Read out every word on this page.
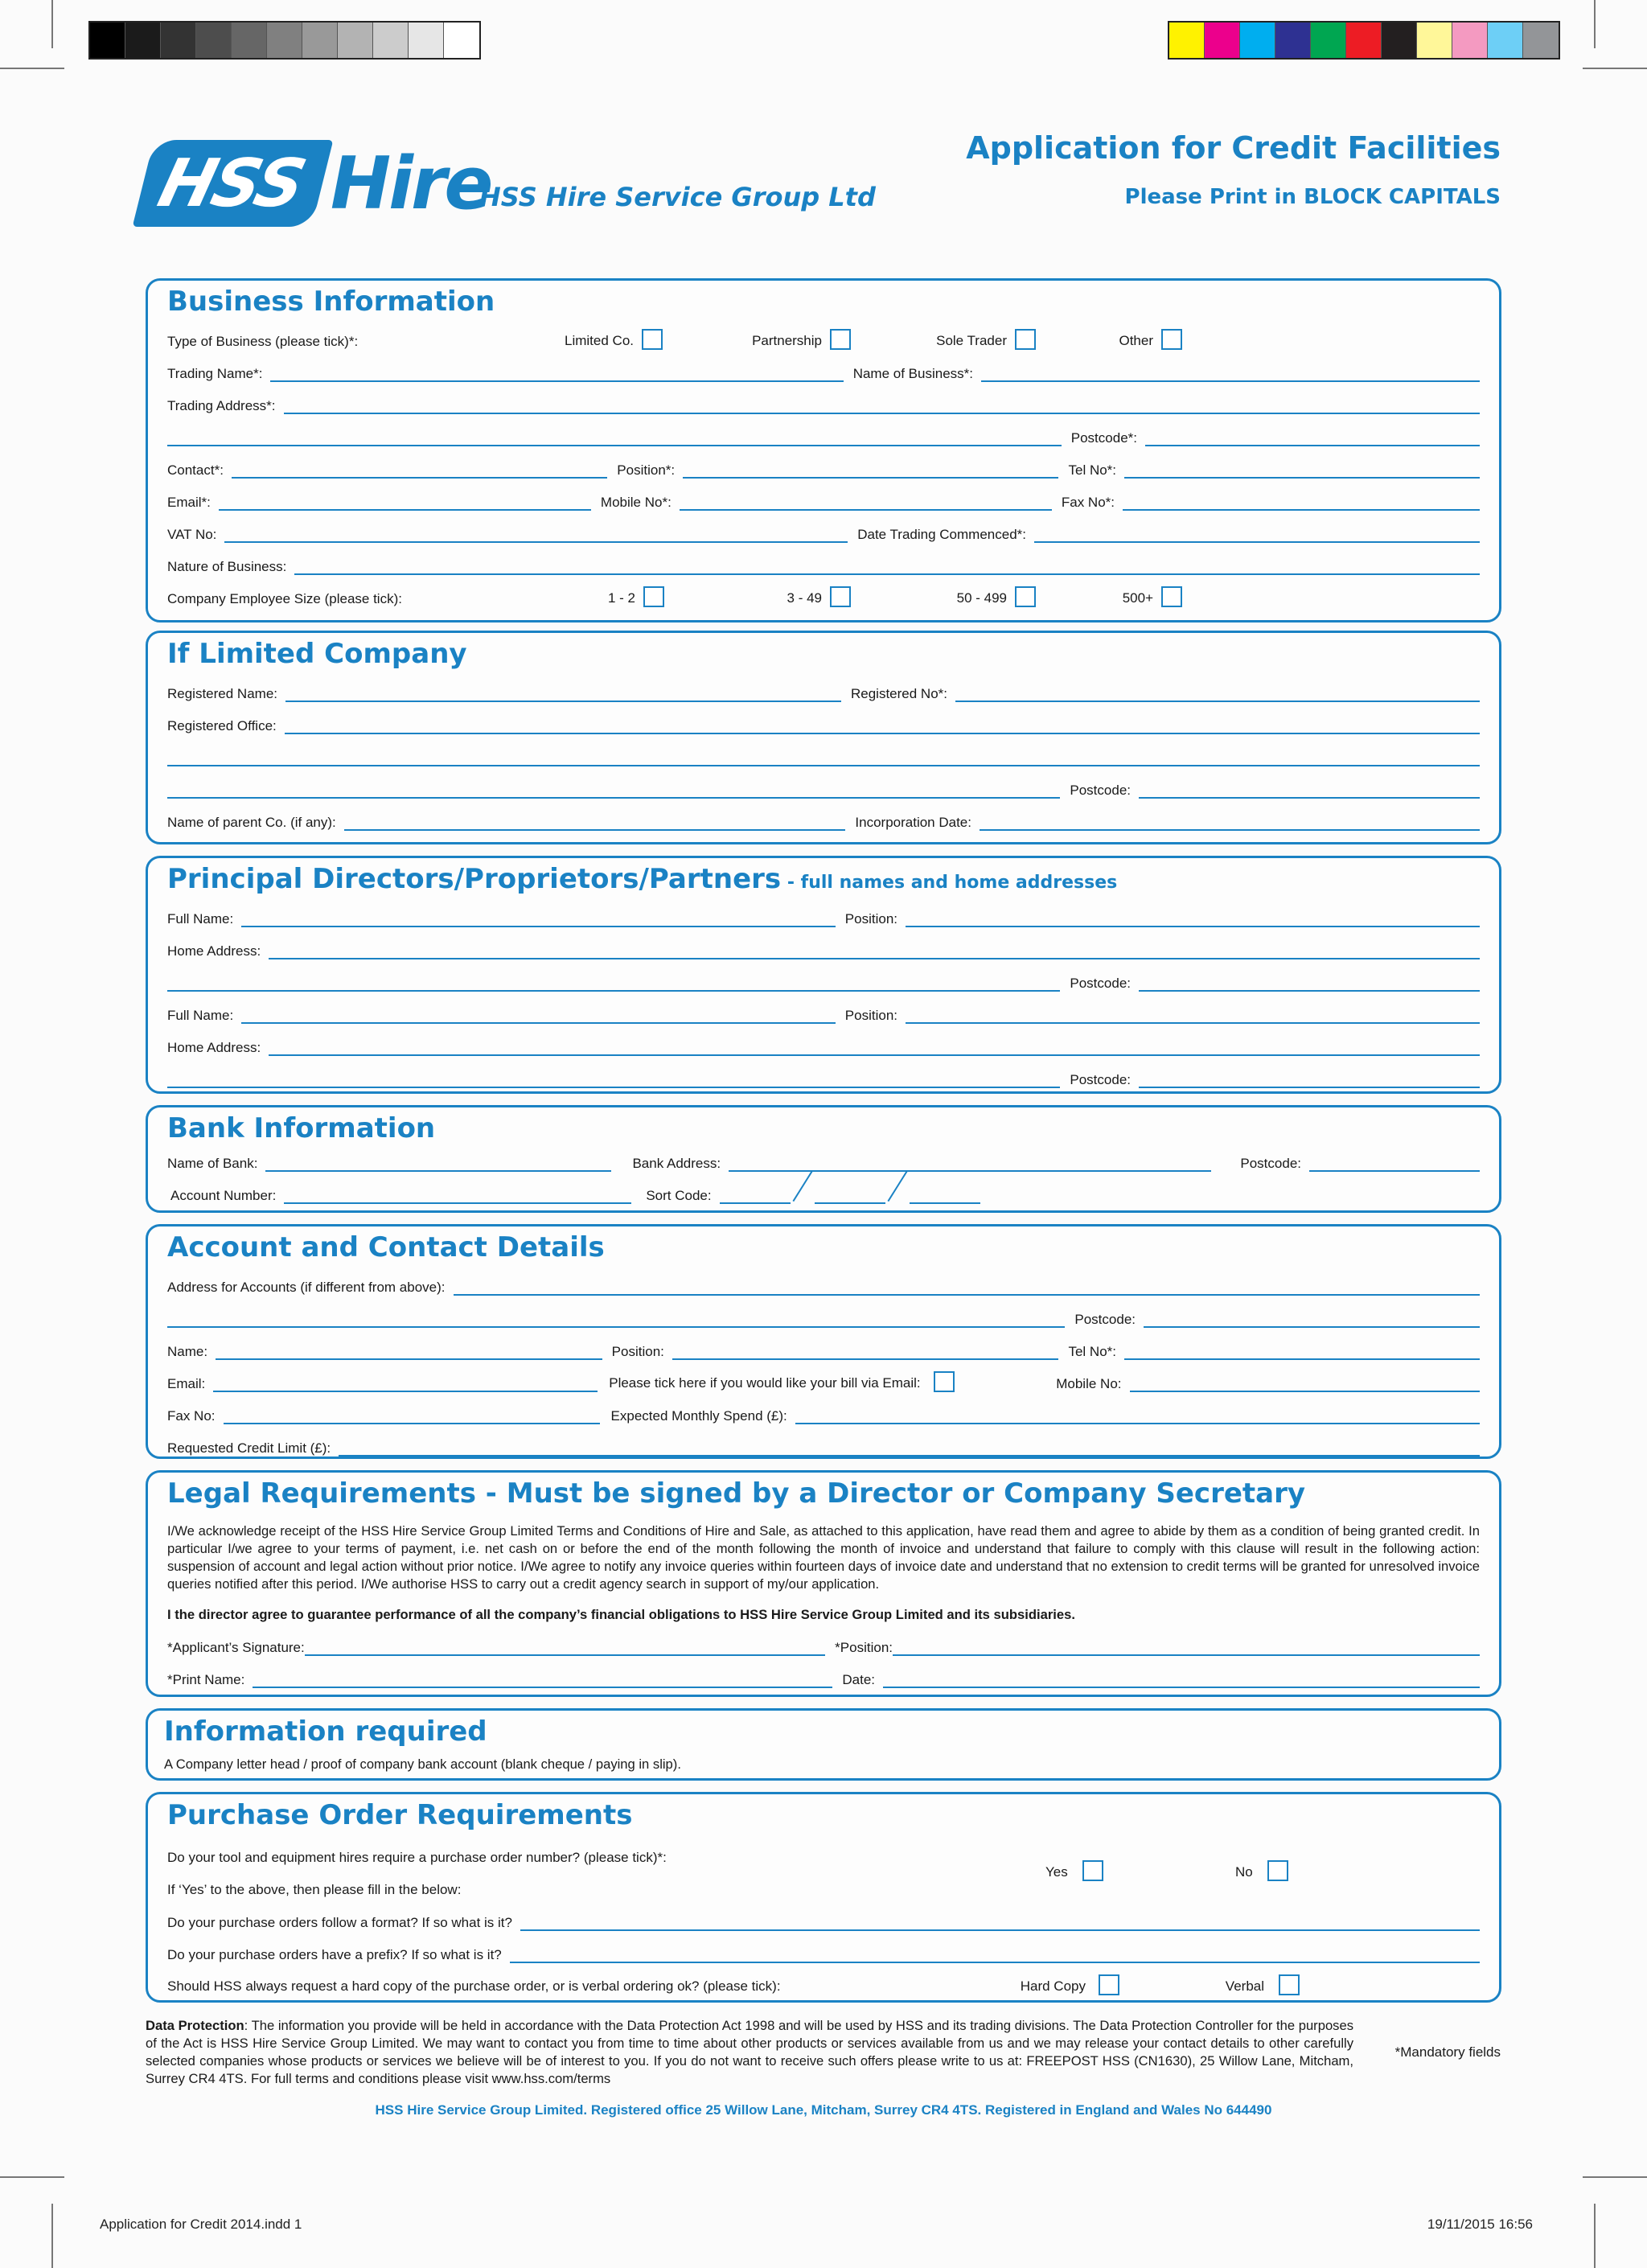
HSS Hire
HSS Hire Service Group Ltd
Application for Credit Facilities
Please Print in BLOCK CAPITALS
Business Information
Type of Business (please tick)*:	Limited Co.	Partnership	Sole Trader	Other
Trading Name*:	Name of Business*:
Trading Address*:
Postcode*:
Contact*:	Position*:	Tel No*:
Email*:	Mobile No*:	Fax No*:
VAT No:	Date Trading Commenced*:
Nature of Business:
Company Employee Size (please tick):	1 - 2	3 - 49	50 - 499	500+
If Limited Company
Registered Name:	Registered No*:
Registered Office:
Postcode:
Name of parent Co. (if any):	Incorporation Date:
Principal Directors/Proprietors/Partners - full names and home addresses
Full Name:	Position:
Home Address:
Postcode:
Full Name:	Position:
Home Address:
Postcode:
Bank Information
Name of Bank:	Bank Address:	Postcode:
Account Number:	Sort Code:
Account and Contact Details
Address for Accounts (if different from above):
Postcode:
Name:	Position:	Tel No*:
Email:	Please tick here if you would like your bill via Email:	Mobile No:
Fax No:	Expected Monthly Spend (£):
Requested Credit Limit (£):
Legal Requirements - Must be signed by a Director or Company Secretary
I/We acknowledge receipt of the HSS Hire Service Group Limited Terms and Conditions of Hire and Sale, as attached to this application, have read them and agree to abide by them as a condition of being granted credit. In particular I/we agree to your terms of payment, i.e. net cash on or before the end of the month following the month of invoice and understand that failure to comply with this clause will result in the following action: suspension of account and legal action without prior notice. I/We agree to notify any invoice queries within fourteen days of invoice date and understand that no extension to credit terms will be granted for unresolved invoice queries notified after this period. I/We authorise HSS to carry out a credit agency search in support of my/our application.
I the director agree to guarantee performance of all the company’s financial obligations to HSS Hire Service Group Limited and its subsidiaries.
*Applicant’s Signature:	*Position:
*Print Name:	Date:
Information required
A Company letter head / proof of company bank account (blank cheque / paying in slip).
Purchase Order Requirements
Do your tool and equipment hires require a purchase order number? (please tick)*:
Yes	No
If ‘Yes’ to the above, then please fill in the below:
Do your purchase orders follow a format? If so what is it?
Do your purchase orders have a prefix? If so what is it?
Should HSS always request a hard copy of the purchase order, or is verbal ordering ok? (please tick):	Hard Copy	Verbal
Data Protection: The information you provide will be held in accordance with the Data Protection Act 1998 and will be used by HSS and its trading divisions. The Data Protection Controller for the purposes of the Act is HSS Hire Service Group Limited. We may want to contact you from time to time about other products or services available from us and we may release your contact details to other carefully selected companies whose products or services we believe will be of interest to you. If you do not want to receive such offers please write to us at: FREEPOST HSS (CN1630), 25 Willow Lane, Mitcham, Surrey CR4 4TS. For full terms and conditions please visit www.hss.com/terms
*Mandatory fields
HSS Hire Service Group Limited. Registered office 25 Willow Lane, Mitcham, Surrey CR4 4TS. Registered in England and Wales No 644490
Application for Credit 2014.indd 1	19/11/2015 16:56
